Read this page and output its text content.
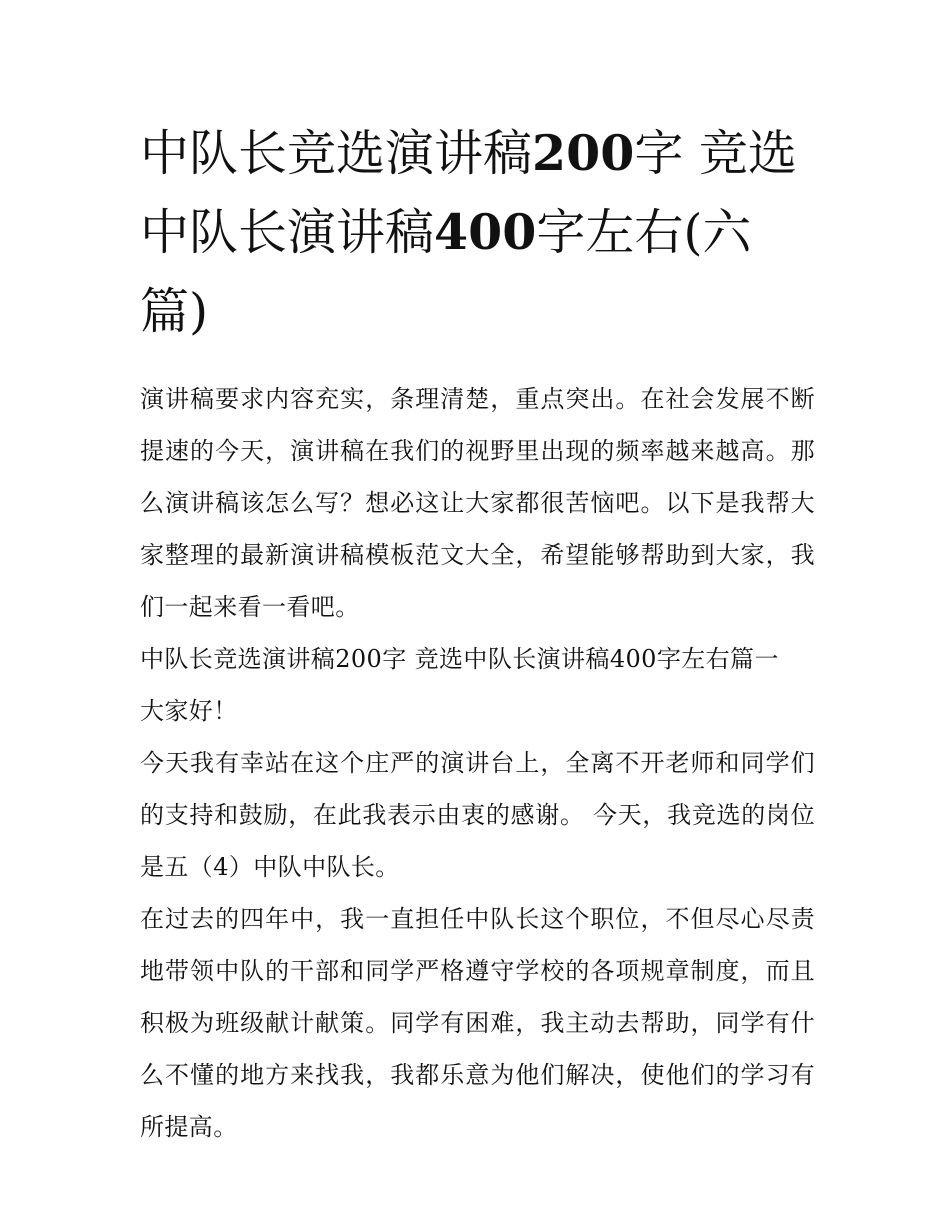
中队长竞选演讲稿200字 竞选中队长演讲稿400字左右(六篇)

演讲稿要求内容充实，条理清楚，重点突出。在社会发展不断提速的今天，演讲稿在我们的视野里出现的频率越来越高。那么演讲稿该怎么写？想必这让大家都很苦恼吧。以下是我帮大家整理的最新演讲稿模板范文大全，希望能够帮助到大家，我们一起来看一看吧。

中队长竞选演讲稿200字 竞选中队长演讲稿400字左右篇一

大家好！

今天我有幸站在这个庄严的演讲台上，全离不开老师和同学们的支持和鼓励，在此我表示由衷的感谢。 今天，我竞选的岗位是五（4）中队中队长。

在过去的四年中，我一直担任中队长这个职位，不但尽心尽责地带领中队的干部和同学严格遵守学校的各项规章制度，而且积极为班级献计献策。同学有困难，我主动去帮助，同学有什么不懂的地方来找我，我都乐意为他们解决，使他们的学习有所提高。
